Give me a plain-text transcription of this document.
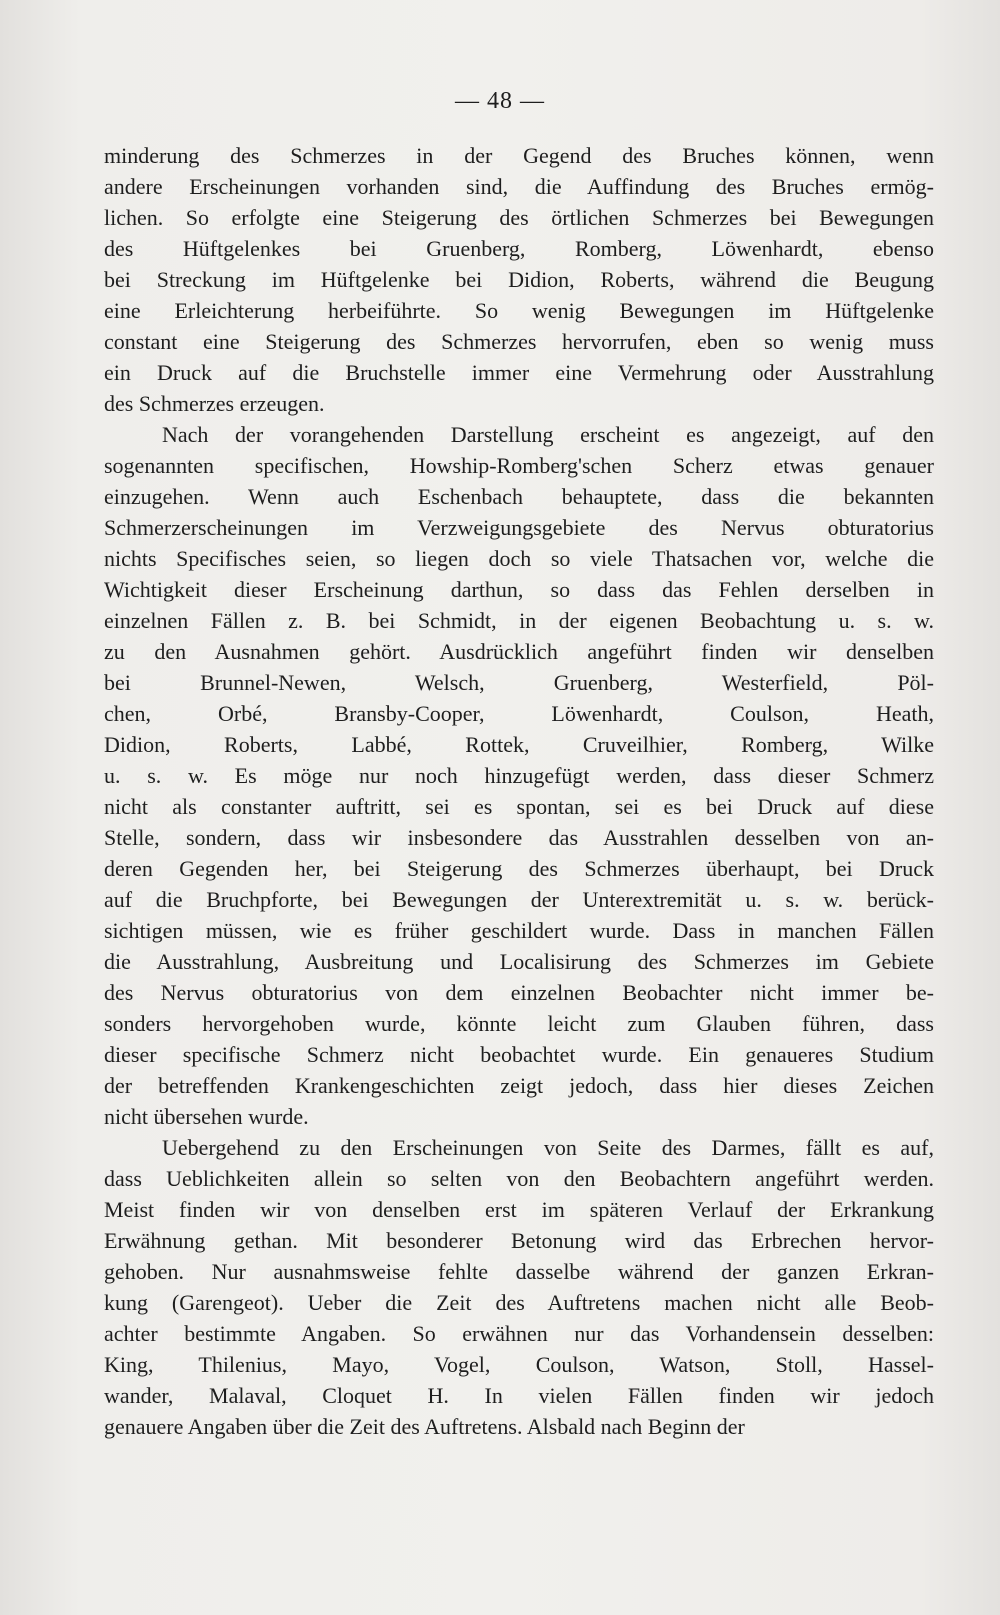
— 48 —
minderung des Schmerzes in der Gegend des Bruches können, wenn
andere Erscheinungen vorhanden sind, die Auffindung des Bruches ermög-
lichen. So erfolgte eine Steigerung des örtlichen Schmerzes bei Bewegungen
des Hüftgelenkes bei Gruenberg, Romberg, Löwenhardt, ebenso
bei Streckung im Hüftgelenke bei Didion, Roberts, während die Beugung
eine Erleichterung herbeiführte. So wenig Bewegungen im Hüftgelenke
constant eine Steigerung des Schmerzes hervorrufen, eben so wenig muss
ein Druck auf die Bruchstelle immer eine Vermehrung oder Ausstrahlung
des Schmerzes erzeugen.
Nach der vorangehenden Darstellung erscheint es angezeigt, auf den
sogenannten specifischen, Howship-Romberg'schen Scherz etwas genauer
einzugehen. Wenn auch Eschenbach behauptete, dass die bekannten
Schmerzerscheinungen im Verzweigungsgebiete des Nervus obturatorius
nichts Specifisches seien, so liegen doch so viele Thatsachen vor, welche die
Wichtigkeit dieser Erscheinung darthun, so dass das Fehlen derselben in
einzelnen Fällen z. B. bei Schmidt, in der eigenen Beobachtung u. s. w.
zu den Ausnahmen gehört. Ausdrücklich angeführt finden wir denselben
bei Brunnel-Newen, Welsch, Gruenberg, Westerfield, Pöl-
chen, Orbé, Bransby-Cooper, Löwenhardt, Coulson, Heath,
Didion, Roberts, Labbé, Rottek, Cruveilhier, Romberg, Wilke
u. s. w. Es möge nur noch hinzugefügt werden, dass dieser Schmerz
nicht als constanter auftritt, sei es spontan, sei es bei Druck auf diese
Stelle, sondern, dass wir insbesondere das Ausstrahlen desselben von an-
deren Gegenden her, bei Steigerung des Schmerzes überhaupt, bei Druck
auf die Bruchpforte, bei Bewegungen der Unterextremität u. s. w. berück-
sichtigen müssen, wie es früher geschildert wurde. Dass in manchen Fällen
die Ausstrahlung, Ausbreitung und Localisirung des Schmerzes im Gebiete
des Nervus obturatorius von dem einzelnen Beobachter nicht immer be-
sonders hervorgehoben wurde, könnte leicht zum Glauben führen, dass
dieser specifische Schmerz nicht beobachtet wurde. Ein genaueres Studium
der betreffenden Krankengeschichten zeigt jedoch, dass hier dieses Zeichen
nicht übersehen wurde.
Uebergehend zu den Erscheinungen von Seite des Darmes, fällt es auf,
dass Ueblichkeiten allein so selten von den Beobachtern angeführt werden.
Meist finden wir von denselben erst im späteren Verlauf der Erkrankung
Erwähnung gethan. Mit besonderer Betonung wird das Erbrechen hervor-
gehoben. Nur ausnahmsweise fehlte dasselbe während der ganzen Erkran-
kung (Garengeot). Ueber die Zeit des Auftretens machen nicht alle Beob-
achter bestimmte Angaben. So erwähnen nur das Vorhandensein desselben:
King, Thilenius, Mayo, Vogel, Coulson, Watson, Stoll, Hassel-
wander, Malaval, Cloquet H. In vielen Fällen finden wir jedoch
genauere Angaben über die Zeit des Auftretens. Alsbald nach Beginn der
